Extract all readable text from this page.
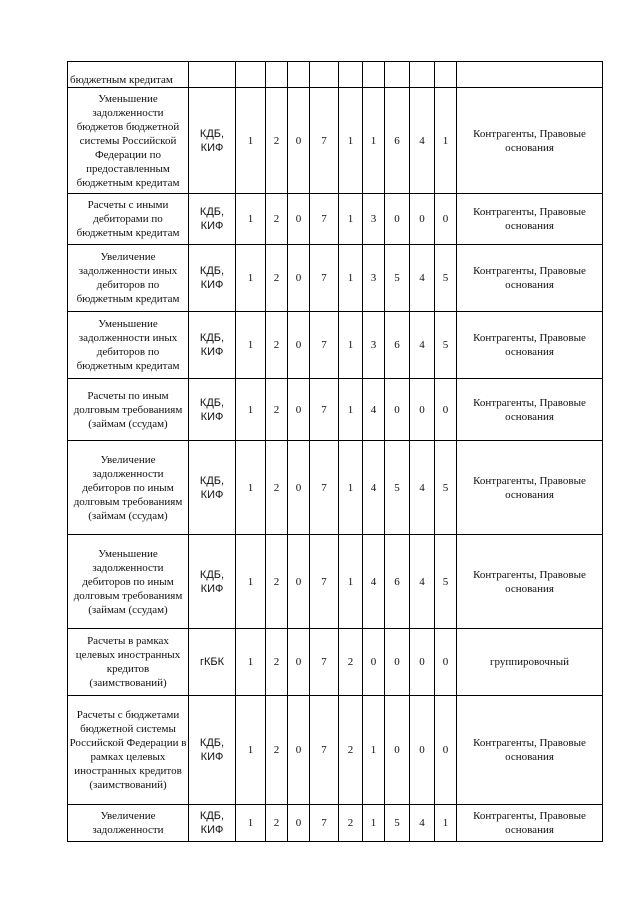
бюджетным кредитам											
Уменьшение задолженности бюджетов бюджетной системы Российской Федерации по предоставленным бюджетным кредитам	КДБ, КИФ	1	2	0	7	1	1	6	4	1	Контрагенты, Правовые основания
Расчеты с иными дебиторами по бюджетным кредитам	КДБ, КИФ	1	2	0	7	1	3	0	0	0	Контрагенты, Правовые основания
Увеличение задолженности иных дебиторов по бюджетным кредитам	КДБ, КИФ	1	2	0	7	1	3	5	4	5	Контрагенты, Правовые основания
Уменьшение задолженности иных дебиторов по бюджетным кредитам	КДБ, КИФ	1	2	0	7	1	3	6	4	5	Контрагенты, Правовые основания
Расчеты по иным долговым требованиям (займам (ссудам)	КДБ, КИФ	1	2	0	7	1	4	0	0	0	Контрагенты, Правовые основания
Увеличение задолженности дебиторов по иным долговым требованиям (займам (ссудам)	КДБ, КИФ	1	2	0	7	1	4	5	4	5	Контрагенты, Правовые основания
Уменьшение задолженности дебиторов по иным долговым требованиям (займам (ссудам)	КДБ, КИФ	1	2	0	7	1	4	6	4	5	Контрагенты, Правовые основания
Расчеты в рамках целевых иностранных кредитов (заимствований)	гКБК	1	2	0	7	2	0	0	0	0	группировочный
Расчеты с бюджетами бюджетной системы Российской Федерации в рамках целевых иностранных кредитов (заимствований)	КДБ, КИФ	1	2	0	7	2	1	0	0	0	Контрагенты, Правовые основания
Увеличение задолженности	КДБ, КИФ	1	2	0	7	2	1	5	4	1	Контрагенты, Правовые основания
